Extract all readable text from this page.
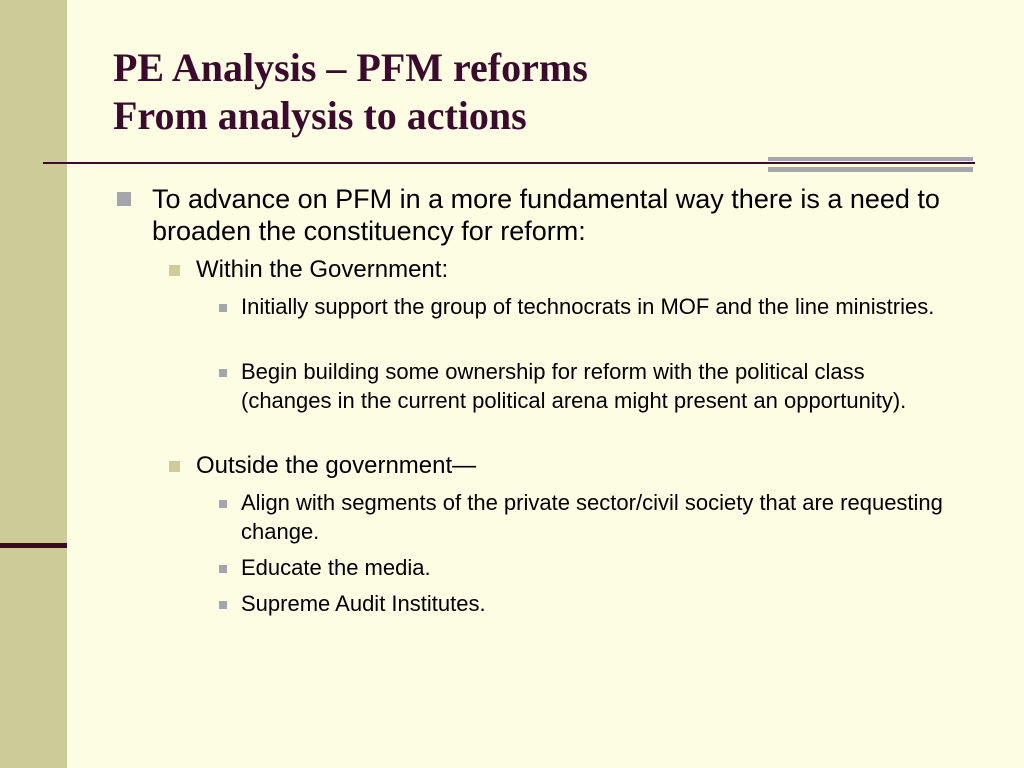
PE Analysis – PFM reforms
From analysis to actions
To advance on PFM in a more fundamental way there is a need to broaden the constituency for reform:
Within the Government:
Initially support the group of technocrats in MOF and the line ministries.
Begin building some ownership for reform with the political class (changes in the current political arena might present an opportunity).
Outside the government—
Align with segments of the private sector/civil society that are requesting change.
Educate the media.
Supreme Audit Institutes.
